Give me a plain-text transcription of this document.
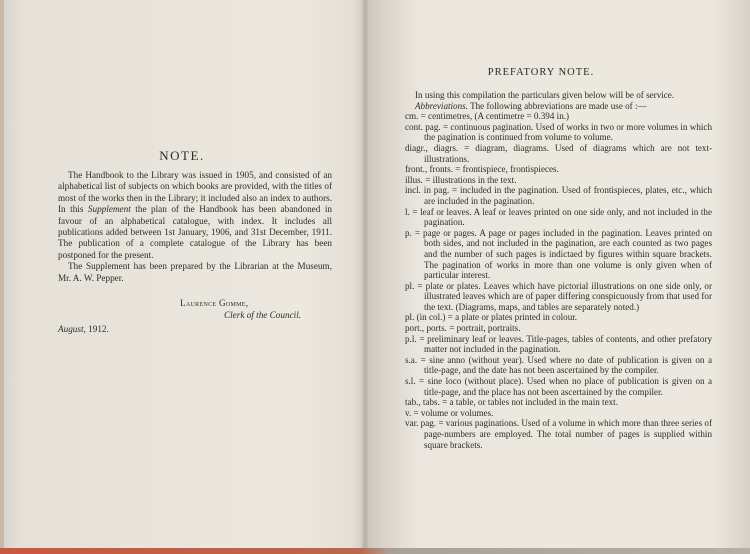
NOTE.

The Handbook to the Library was issued in 1905, and consisted of an alphabetical list of subjects on which books are provided, with the titles of most of the works then in the Library; it included also an index to authors. In this Supplement the plan of the Handbook has been abandoned in favour of an alphabetical catalogue, with index. It includes all publications added between 1st January, 1906, and 31st December, 1911. The publication of a complete catalogue of the Library has been postponed for the present.

The Supplement has been prepared by the Librarian at the Museum, Mr. A. W. Pepper.

Laurence Gomme,
Clerk of the Council.
August, 1912.
PREFATORY NOTE.

In using this compilation the particulars given below will be of service.

Abbreviations. The following abbreviations are made use of :—

cm. = centimetres, (A centimetre = 0.394 in.)

cont. pag. = continuous pagination. Used of works in two or more volumes in which the pagination is continued from volume to volume.

diagr., diagrs. = diagram, diagrams. Used of diagrams which are not text-illustrations.

front., fronts. = frontispiece, frontispieces.

illus. = illustrations in the text.

incl. in pag. = included in the pagination. Used of frontispieces, plates, etc., which are included in the pagination.

l. = leaf or leaves. A leaf or leaves printed on one side only, and not included in the pagination.

p. = page or pages. A page or pages included in the pagination. Leaves printed on both sides, and not included in the pagination, are each counted as two pages and the number of such pages is indictaed by figures within square brackets. The pagination of works in more than one volume is only given when of particular interest.

pl. = plate or plates. Leaves which have pictorial illustrations on one side only, or illustrated leaves which are of paper differing conspicuously from that used for the text. (Diagrams, maps, and tables are separately noted.)

pl. (in col.) = a plate or plates printed in colour.

port., ports. = portrait, portraits.

p.l. = preliminary leaf or leaves. Title-pages, tables of contents, and other prefatory matter not included in the pagination.

s.a. = sine anno (without year). Used where no date of publication is given on a title-page, and the date has not been ascertained by the compiler.

s.l. = sine loco (without place). Used when no place of publication is given on a title-page, and the place has not been ascertained by the compiler.

tab., tabs. = a table, or tables not included in the main text.

v. = volume or volumes.

var. pag. = various paginations. Used of a volume in which more than three series of page-numbers are employed. The total number of pages is supplied within square brackets.
